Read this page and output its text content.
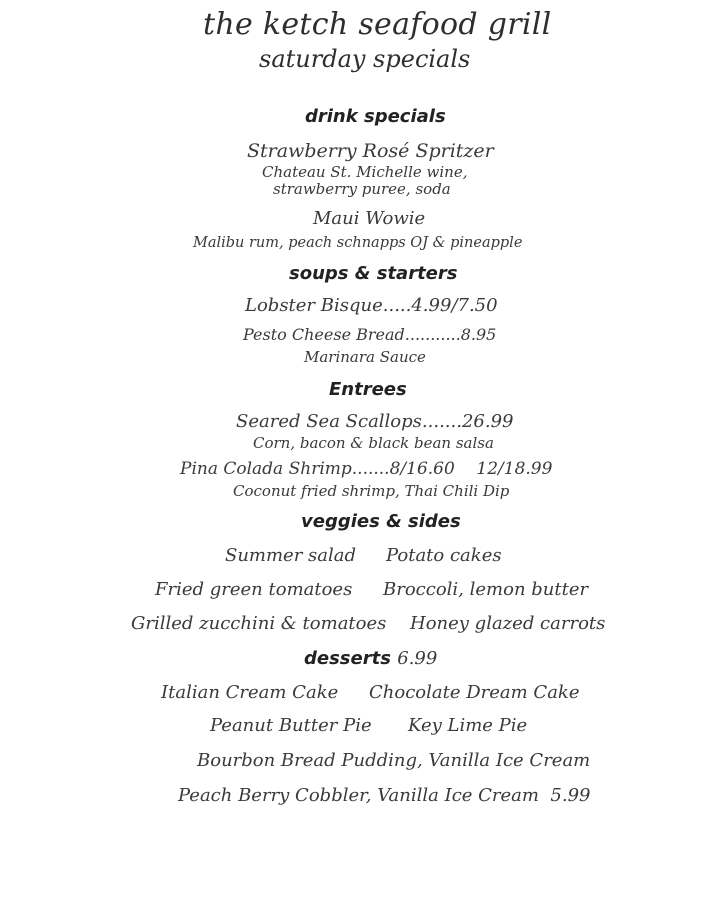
the ketch seafood grill
saturday specials
drink specials
Strawberry Rosé Spritzer
Chateau St. Michelle wine,
strawberry puree, soda
Maui Wowie
Malibu rum, peach schnapps OJ & pineapple
soups & starters
Lobster Bisque.....4.99/7.50
Pesto Cheese Bread...........8.95
Marinara Sauce
Entrees
Seared Sea Scallops.......26.99
Corn, bacon & black bean salsa
Pina Colada Shrimp.......8/16.60    12/18.99
Coconut fried shrimp, Thai Chili Dip
veggies & sides
Summer salad Potato cakes
Fried green tomatoes Broccoli, lemon butter
Grilled zucchini & tomatoes Honey glazed carrots
desserts 6.99
Italian Cream Cake Chocolate Dream Cake
Peanut Butter Pie Key Lime Pie
Bourbon Bread Pudding, Vanilla Ice Cream
Peach Berry Cobbler, Vanilla Ice Cream  5.99
